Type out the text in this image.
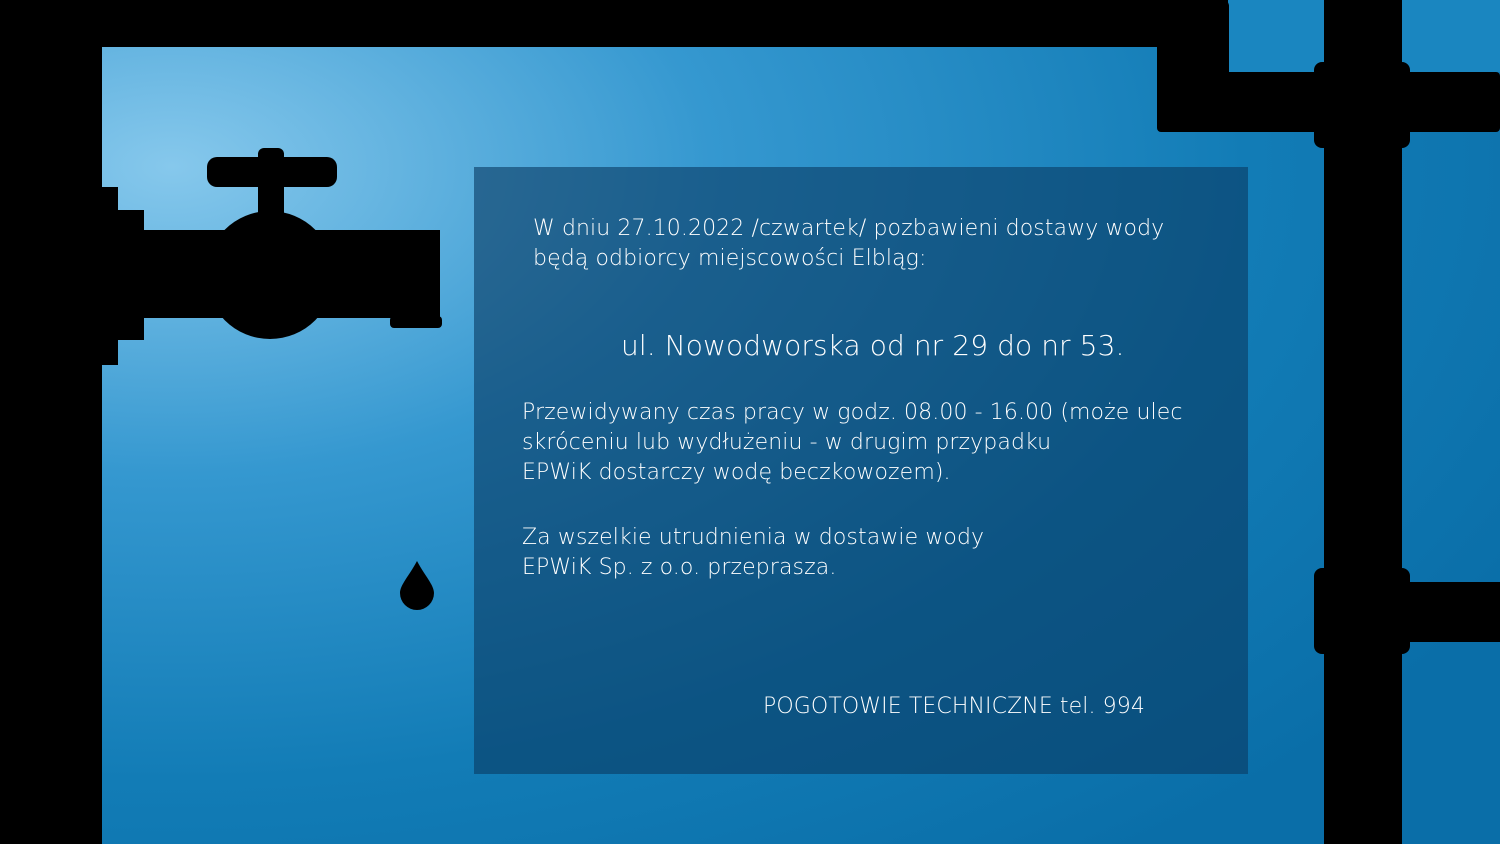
W dniu 27.10.2022 /czwartek/ pozbawieni dostawy wody
będą odbiorcy miejscowości Elbląg:

ul. Nowodworska od nr 29 do nr 53.

Przewidywany czas pracy w godz. 08.00 - 16.00 (może ulec
skróceniu lub wydłużeniu - w drugim przypadku
EPWiK dostarczy wodę beczkowozem).

Za wszelkie utrudnienia w dostawie wody
EPWiK Sp. z o.o. przeprasza.

POGOTOWIE TECHNICZNE tel. 994
